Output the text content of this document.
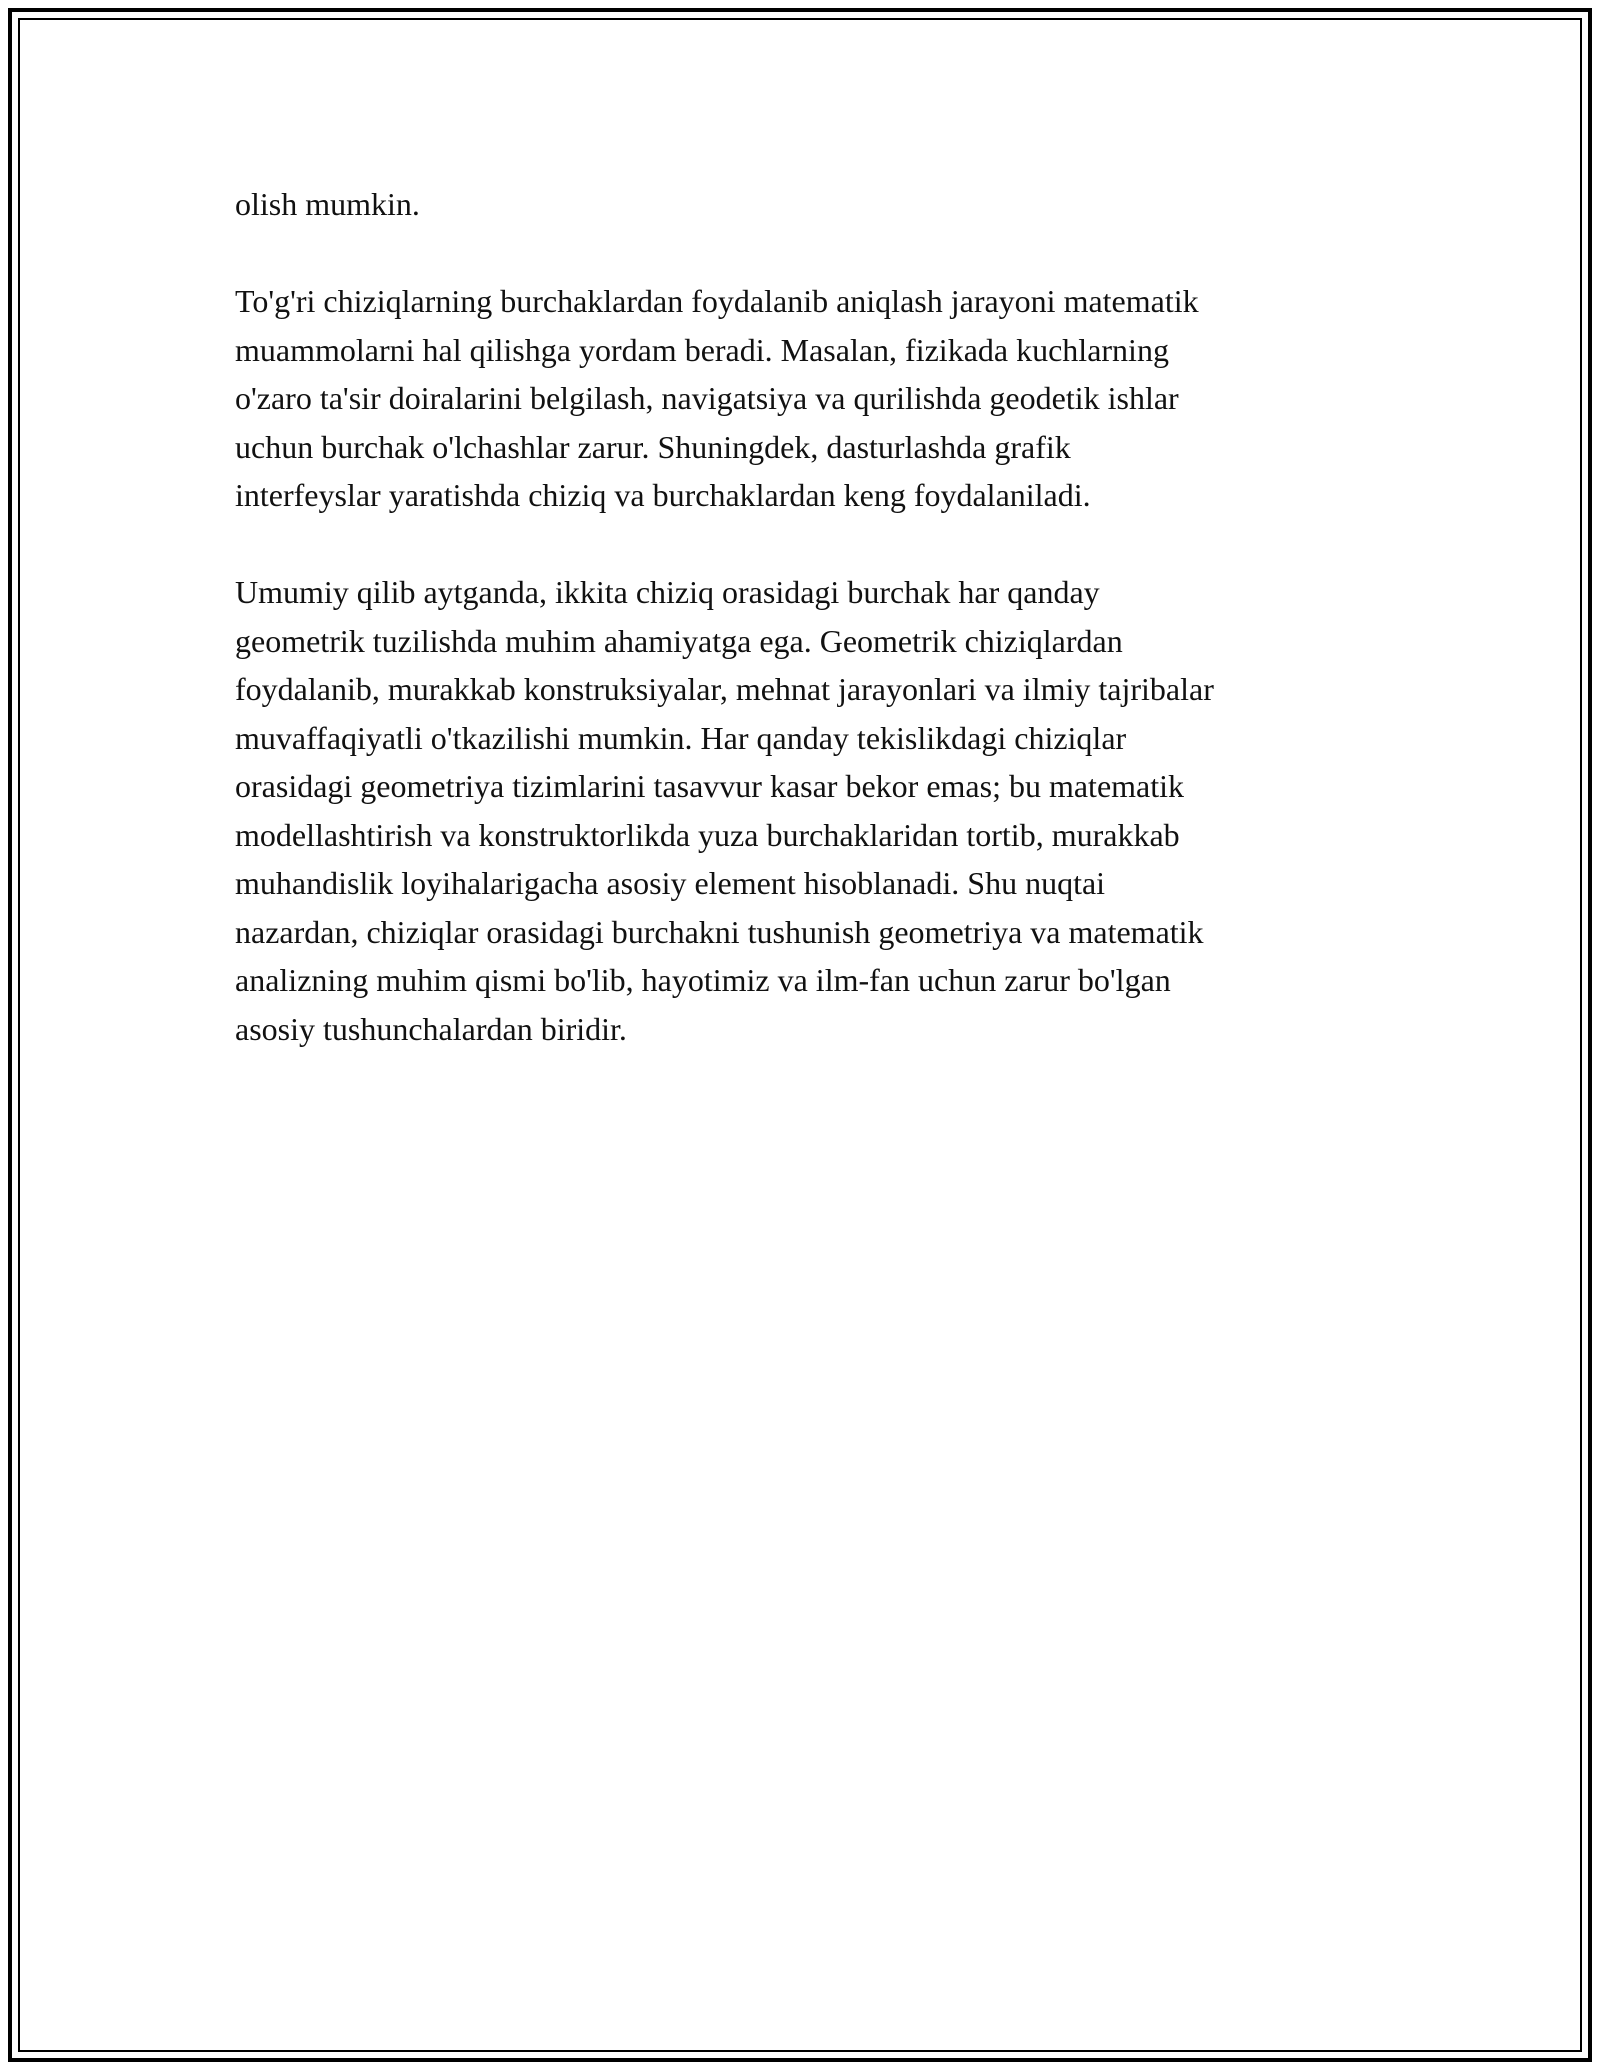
olish mumkin.

To'g'ri chiziqlarning burchaklardan foydalanib aniqlash jarayoni matematik
muammolarni hal qilishga yordam beradi. Masalan, fizikada kuchlarning
o'zaro ta'sir doiralarini belgilash, navigatsiya va qurilishda geodetik ishlar
uchun burchak o'lchashlar zarur. Shuningdek, dasturlashda grafik
interfeyslar yaratishda chiziq va burchaklardan keng foydalaniladi.

Umumiy qilib aytganda, ikkita chiziq orasidagi burchak har qanday
geometrik tuzilishda muhim ahamiyatga ega. Geometrik chiziqlardan
foydalanib, murakkab konstruksiyalar, mehnat jarayonlari va ilmiy tajribalar
muvaffaqiyatli o'tkazilishi mumkin. Har qanday tekislikdagi chiziqlar
orasidagi geometriya tizimlarini tasavvur kasar bekor emas; bu matematik
modellashtirish va konstruktorlikda yuza burchaklaridan tortib, murakkab
muhandislik loyihalarigacha asosiy element hisoblanadi. Shu nuqtai
nazardan, chiziqlar orasidagi burchakni tushunish geometriya va matematik
analizning muhim qismi bo'lib, hayotimiz va ilm-fan uchun zarur bo'lgan
asosiy tushunchalardan biridir.
